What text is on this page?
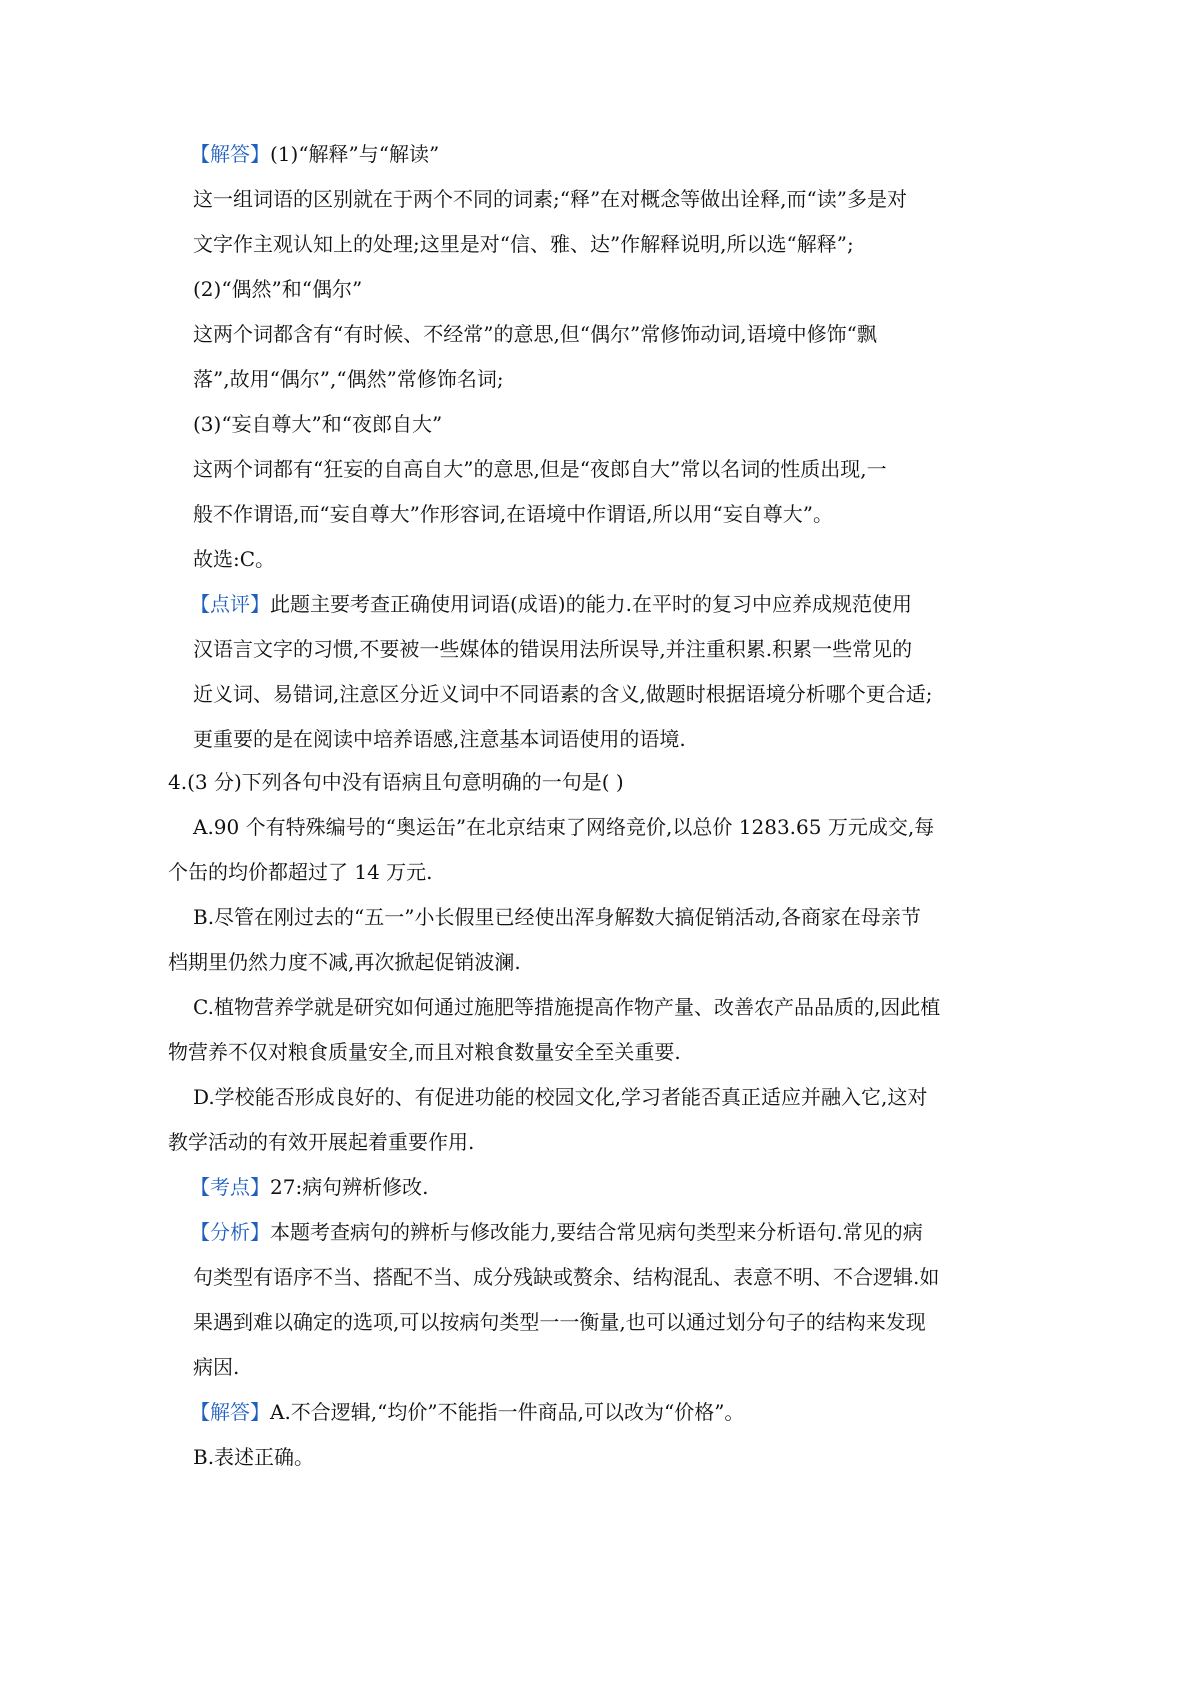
【解答】(1)“解释”与“解读”
这一组词语的区别就在于两个不同的词素;“释”在对概念等做出诠释,而“读”多是对
文字作主观认知上的处理;这里是对“信、雅、达”作解释说明,所以选“解释”;
(2)“偶然”和“偶尔”
这两个词都含有“有时候、不经常”的意思,但“偶尔”常修饰动词,语境中修饰“飘
落”,故用“偶尔”,“偶然”常修饰名词;
(3)“妄自尊大”和“夜郎自大”
这两个词都有“狂妄的自高自大”的意思,但是“夜郎自大”常以名词的性质出现,一
般不作谓语,而“妄自尊大”作形容词,在语境中作谓语,所以用“妄自尊大”。
故选:C。
【点评】此题主要考查正确使用词语(成语)的能力.在平时的复习中应养成规范使用
汉语言文字的习惯,不要被一些媒体的错误用法所误导,并注重积累.积累一些常见的
近义词、易错词,注意区分近义词中不同语素的含义,做题时根据语境分析哪个更合适;
更重要的是在阅读中培养语感,注意基本词语使用的语境.
4.(3 分)下列各句中没有语病且句意明确的一句是( )
A.90 个有特殊编号的“奥运缶”在北京结束了网络竞价,以总价 1283.65 万元成交,每
个缶的均价都超过了 14 万元.
B.尽管在刚过去的“五一”小长假里已经使出浑身解数大搞促销活动,各商家在母亲节
档期里仍然力度不减,再次掀起促销波澜.
C.植物营养学就是研究如何通过施肥等措施提高作物产量、改善农产品品质的,因此植
物营养不仅对粮食质量安全,而且对粮食数量安全至关重要.
D.学校能否形成良好的、有促进功能的校园文化,学习者能否真正适应并融入它,这对
教学活动的有效开展起着重要作用.
【考点】27:病句辨析修改.
【分析】本题考查病句的辨析与修改能力,要结合常见病句类型来分析语句.常见的病
句类型有语序不当、搭配不当、成分残缺或赘余、结构混乱、表意不明、不合逻辑.如
果遇到难以确定的选项,可以按病句类型一一衡量,也可以通过划分句子的结构来发现
病因.
【解答】A.不合逻辑,“均价”不能指一件商品,可以改为“价格”。
B.表述正确。
